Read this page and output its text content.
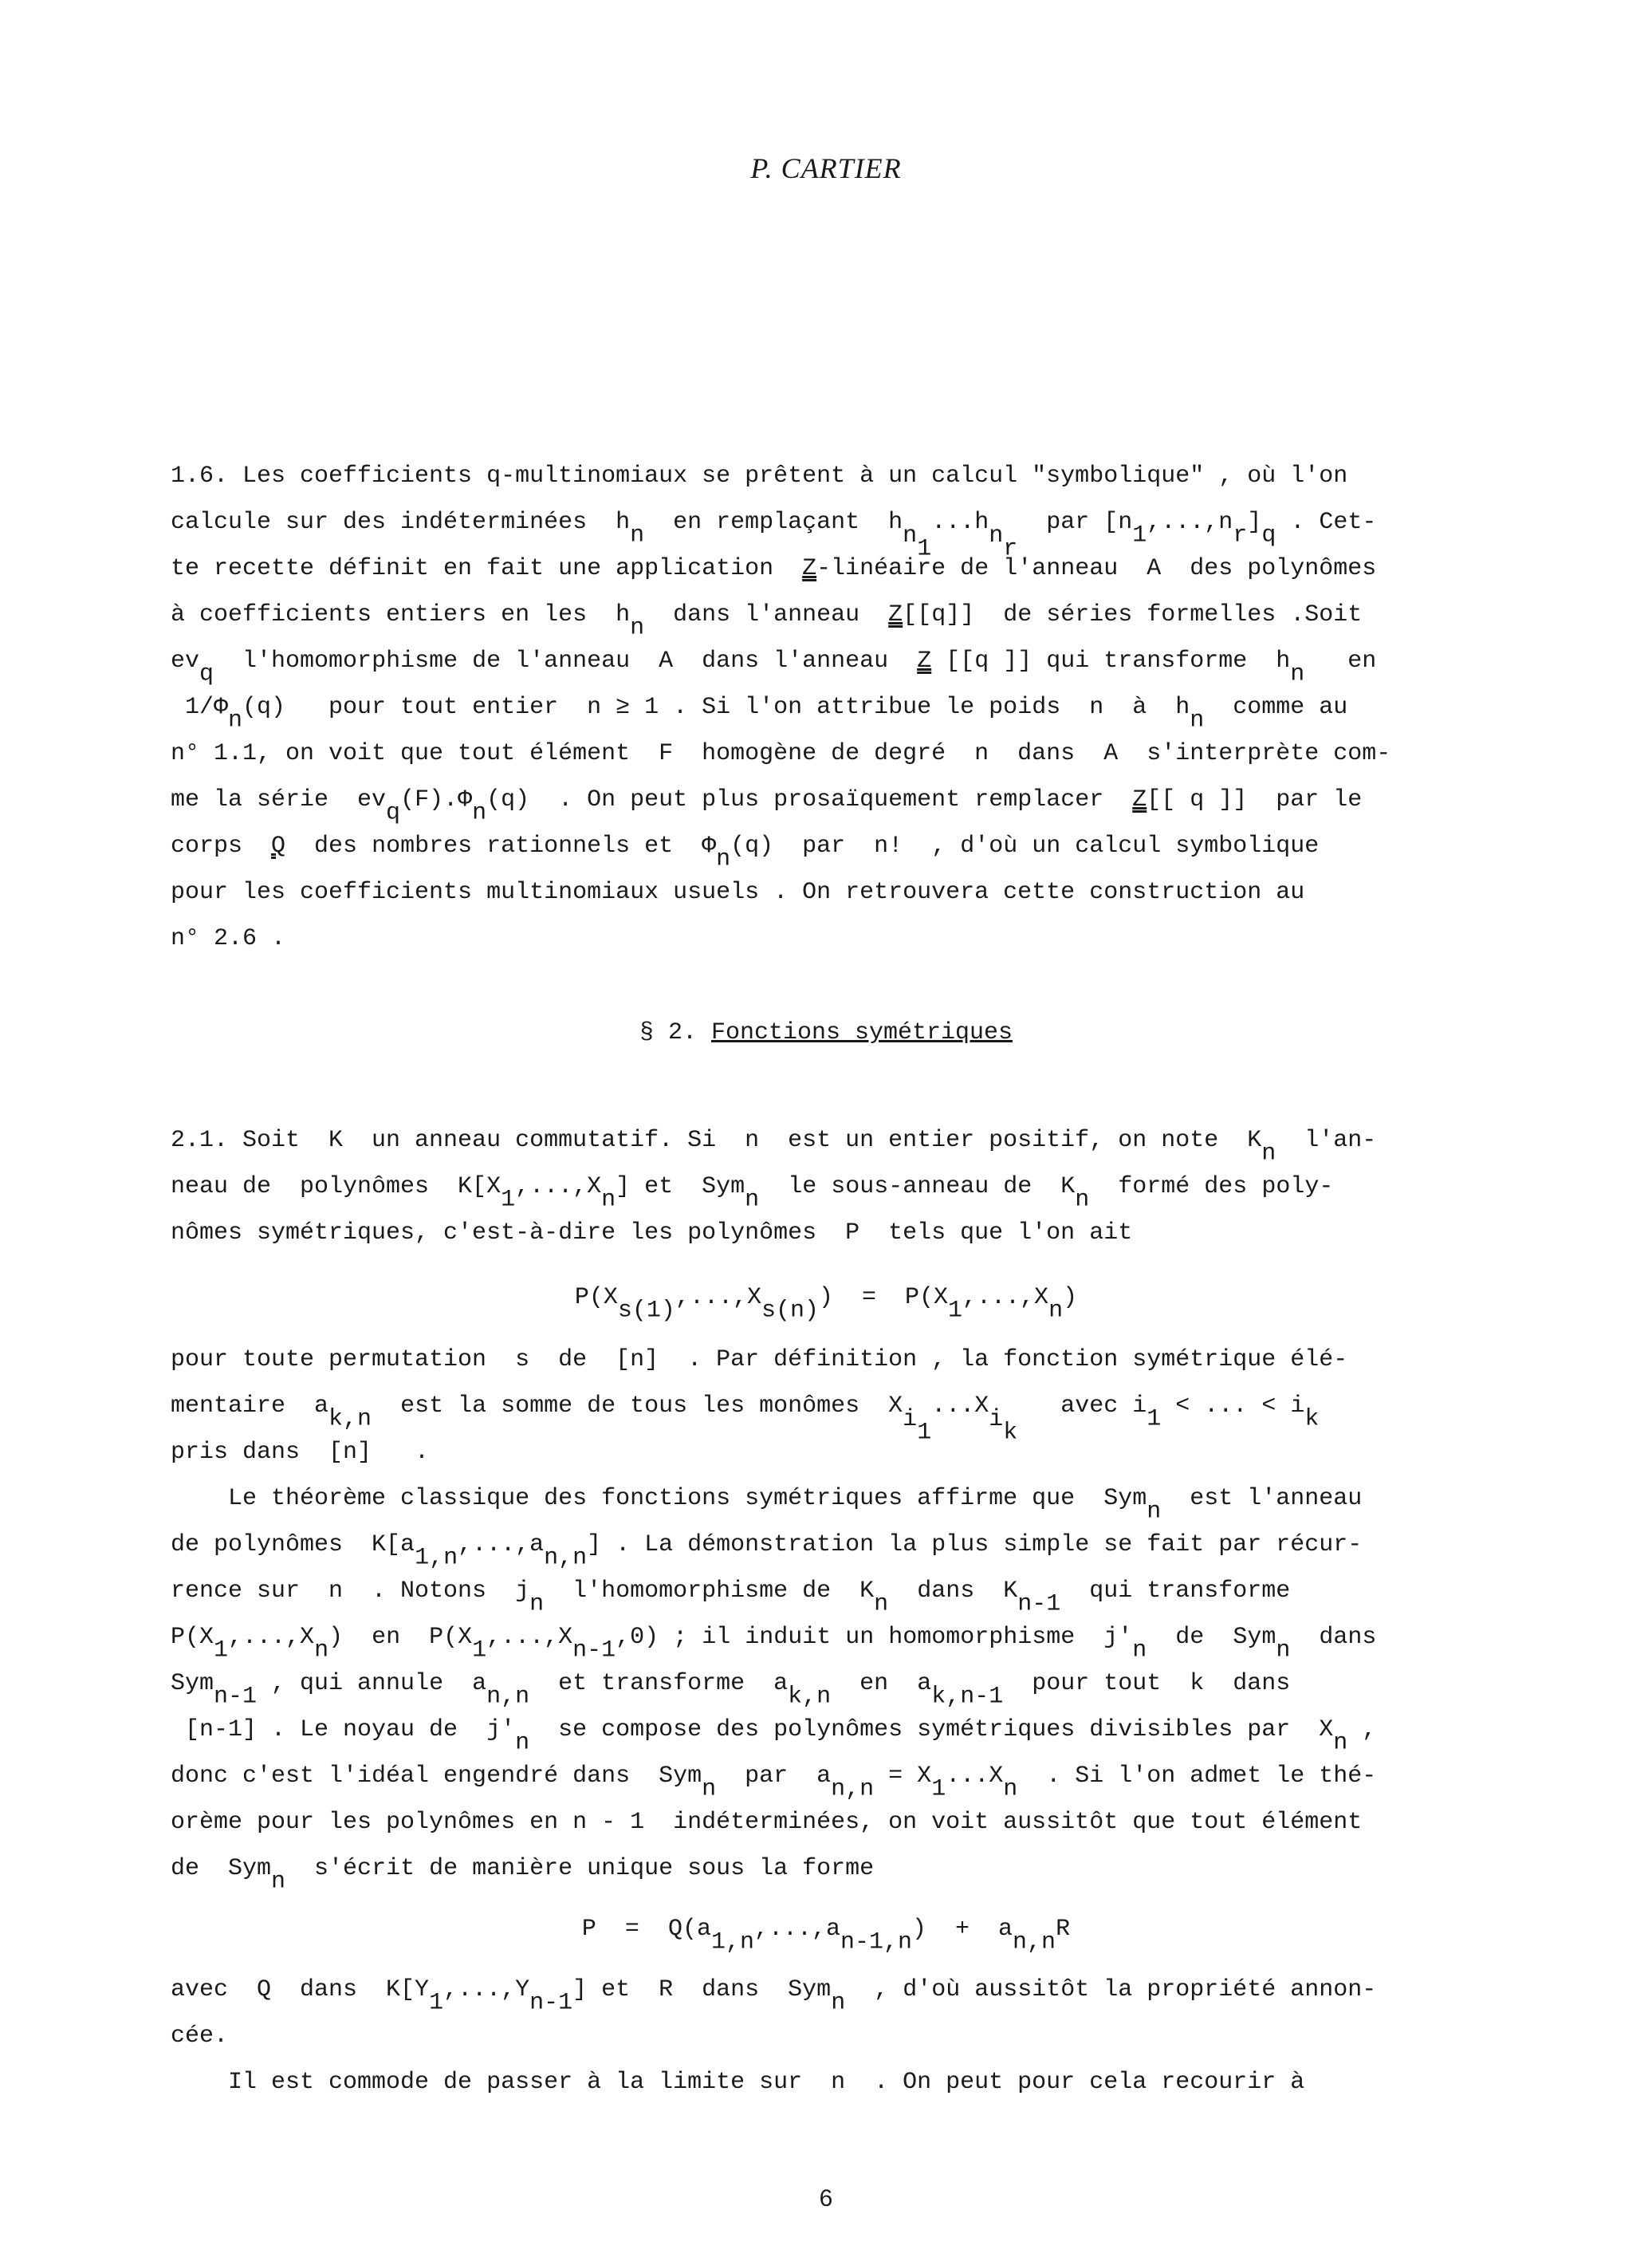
P. CARTIER
1.6. Les coefficients q-multinomiaux se prêtent à un calcul "symbolique" , où l'on
calcule sur des indéterminées  $h_n$  en remplaçant  $h_{n_1}...h_{n_r}$  par $[n_1,...,n_r]_q$ . Cet-
te recette définit en fait une application  Z-linéaire de l'anneau  A  des polynômes
à coefficients entiers en les  $h_n$  dans l'anneau  Z[[q]]  de séries formelles .Soit
$ev_q$  l'homomorphisme de l'anneau  A  dans l'anneau  Z [[q ]] qui transforme  $h_n$   en
$1/\Phi_n(q)$   pour tout entier  n ≥ 1 . Si l'on attribue le poids  n  à  $h_n$  comme au
n° 1.1, on voit que tout élément  F  homogène de degré  n  dans  A  s'interprète com-
me la série  $ev_q(F).\Phi_n(q)$  . On peut plus prosaïquement remplacer  Z[[ q ]]  par le
corps  Q  des nombres rationnels et  $\Phi_n(q)$  par  n!  , d'où un calcul symbolique
pour les coefficients multinomiaux usuels . On retrouvera cette construction au
n° 2.6 .
§ 2. Fonctions symétriques
2.1. Soit  K  un anneau commutatif. Si  n  est un entier positif, on note  $K_n$  l'an-
neau de  polynômes  $K[X_1,...,X_n]$ et  Sym$_n$  le sous-anneau de  $K_n$  formé des poly-
nômes symétriques, c'est-à-dire les polynômes  P  tels que l'on ait
$P(X_{s(1)},...,X_{s(n)}) = P(X_1,...,X_n)$
pour toute permutation  s  de  [n]  . Par définition , la fonction symétrique élé-
mentaire  $a_{k,n}$  est la somme de tous les monômes  $X_{i_1}...X_{i_k}$   avec $i_1$ < ... < $i_k$
pris dans  [n]   .
Le théorème classique des fonctions symétriques affirme que  Sym$_n$  est l'anneau
de polynômes  $K[a_{1,n},...,a_{n,n}]$ . La démonstration la plus simple se fait par récur-
rence sur  n  . Notons  $j_n$  l'homomorphisme de  $K_n$  dans  $K_{n-1}$  qui transforme
$P(X_1,...,X_n)$  en  $P(X_1,...,X_{n-1},0)$ ; il induit un homomorphisme  $j'_n$  de  Sym$_n$  dans
Sym$_{n-1}$ , qui annule  $a_{n,n}$  et transforme  $a_{k,n}$  en  $a_{k,n-1}$  pour tout  k  dans
[n-1] . Le noyau de  $j'_n$  se compose des polynômes symétriques divisibles par  $X_n$ ,
donc c'est l'idéal engendré dans  Sym$_n$  par  $a_{n,n} = X_1...X_n$  . Si l'on admet le thé-
orème pour les polynômes en n - 1  indéterminées, on voit aussitôt que tout élément
de  Sym$_n$  s'écrit de manière unique sous la forme
$P = Q(a_{1,n},...,a_{n-1,n}) + a_{n,n}R$
avec  Q  dans  $K[Y_1,...,Y_{n-1}]$ et  R  dans  Sym$_n$  , d'où aussitôt la propriété annon-
cée.
Il est commode de passer à la limite sur  n  . On peut pour cela recourir à
6
